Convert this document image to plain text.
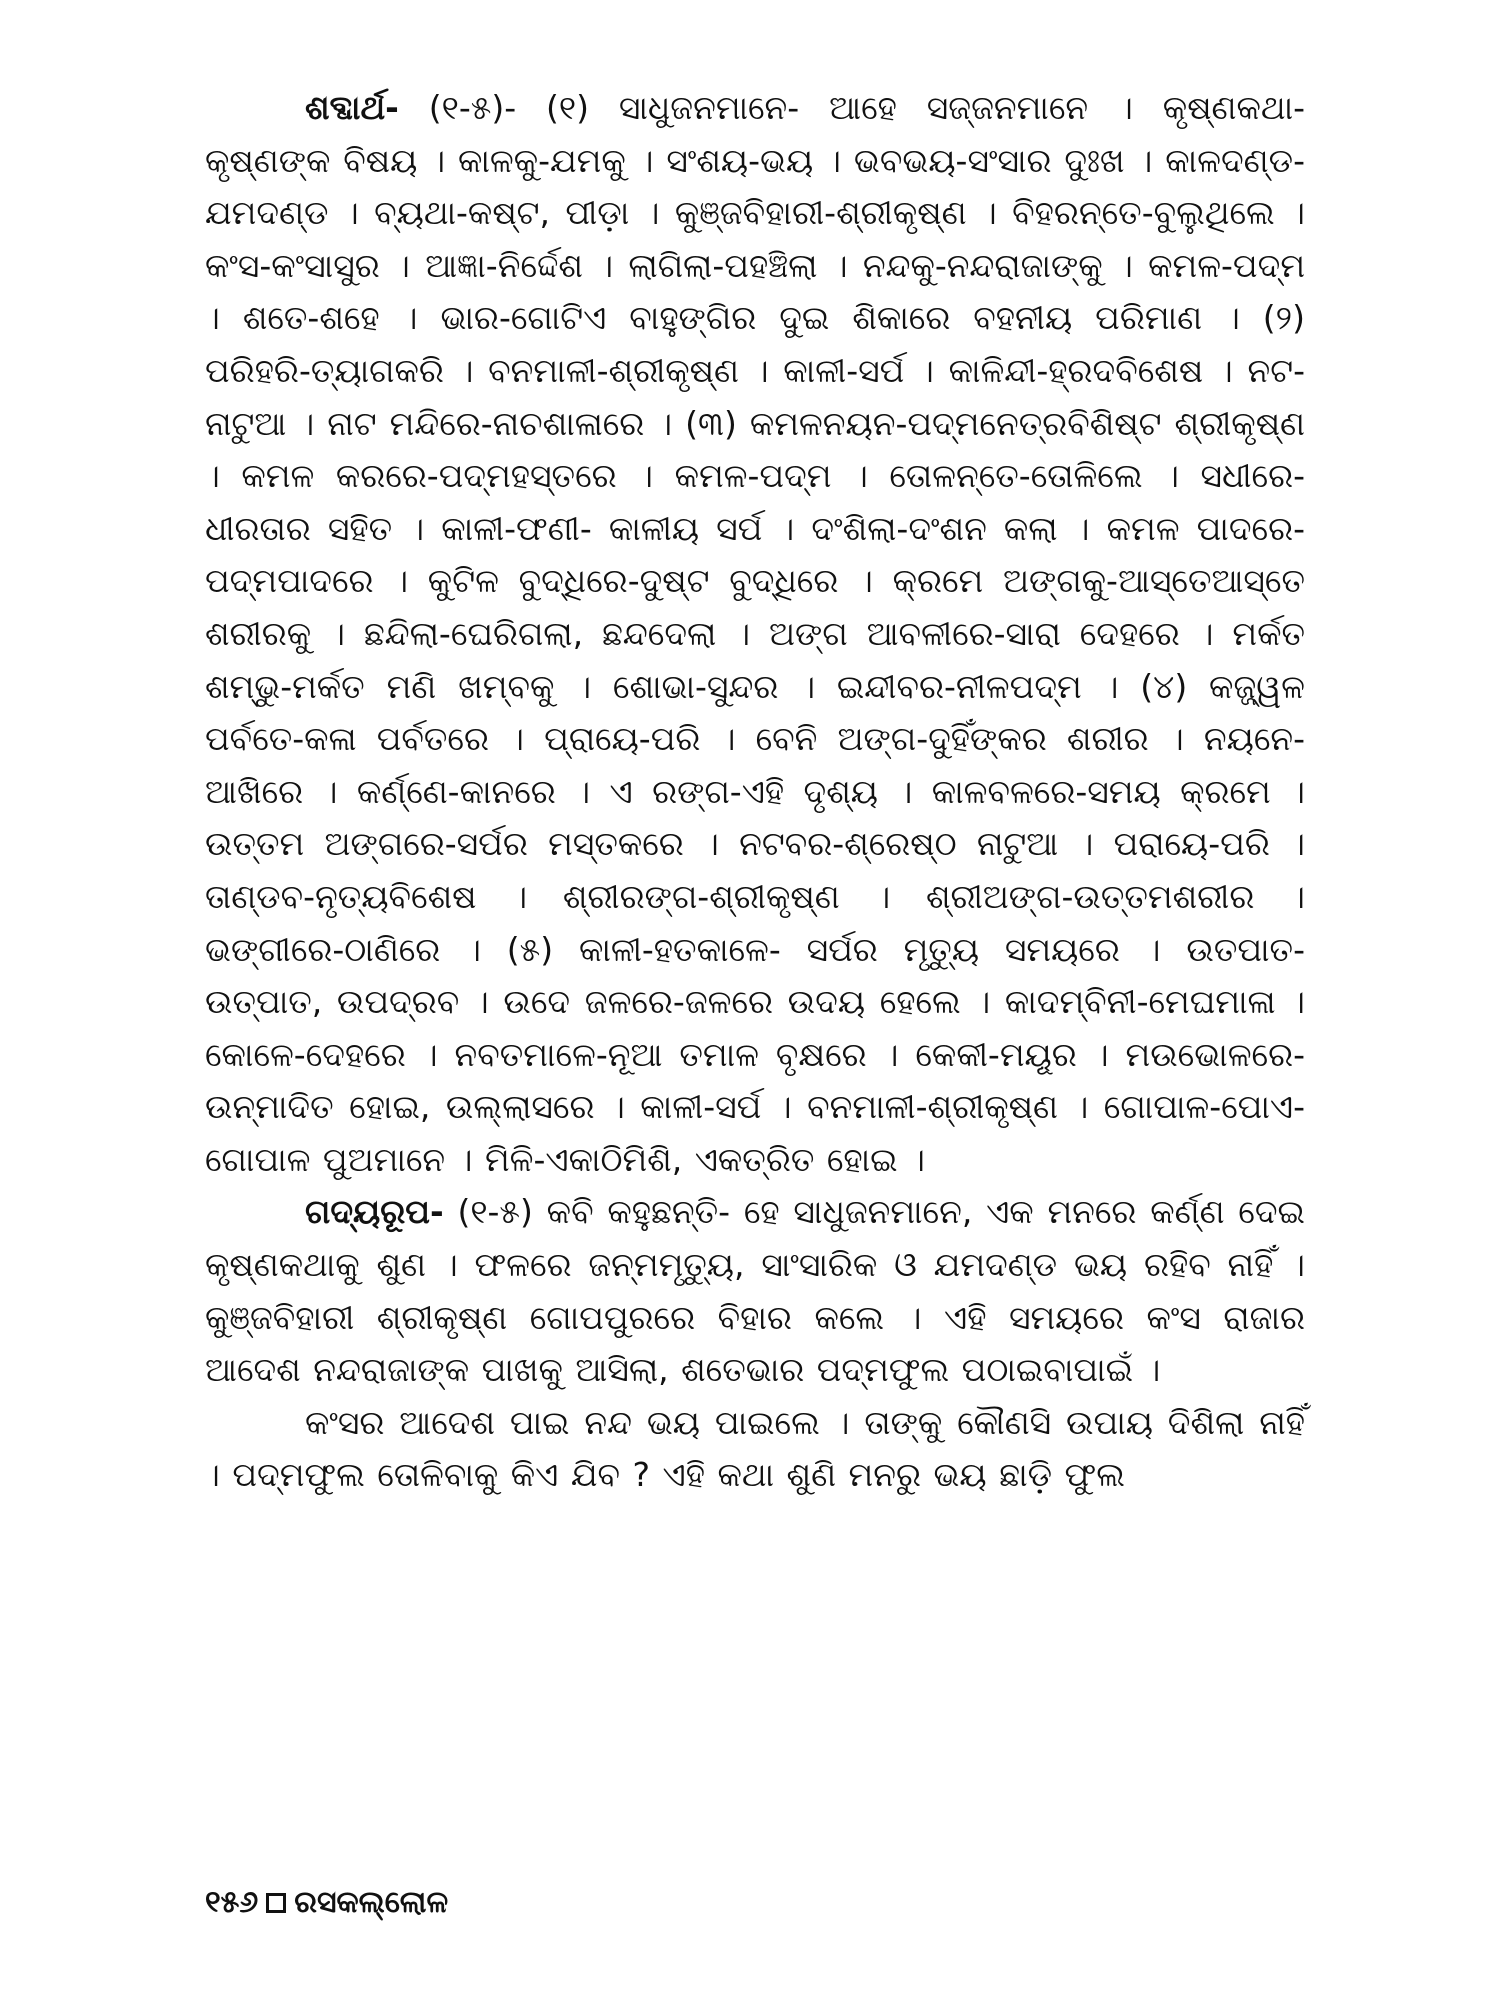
ଶବ୍ଦାର୍ଥ- (୧-୫)- (୧) ସାଧୁଜନମାନେ- ଆହେ ସଜ୍ଜନମାନେ । କୃଷ୍ଣକଥା-କୃଷ୍ଣଙ୍କ ବିଷୟ । କାଳକୁ-ଯମକୁ । ସଂଶୟ-ଭୟ । ଭବଭୟ-ସଂସାର ଦୁଃଖ । କାଳଦଣ୍ଡ-ଯମଦଣ୍ଡ । ବ୍ୟଥା-କଷ୍ଟ, ପୀଡ଼ା । କୁଞ୍ଜବିହାରୀ-ଶ୍ରୀକୃଷ୍ଣ । ବିହରନ୍ତେ-ବୁଲୁଥିଲେ । କଂସ-କଂସାସୁର । ଆଜ୍ଞା-ନିର୍ଦ୍ଦେଶ । ଲାଗିଲା-ପହଞ୍ଚିଲା । ନନ୍ଦକୁ-ନନ୍ଦରାଜାଙ୍କୁ । କମଳ-ପଦ୍ମ । ଶତେ-ଶହେ । ଭାର-ଗୋଟିଏ ବାହୁଙ୍ଗିର ଦୁଇ ଶିକାରେ ବହନୀୟ ପରିମାଣ । (୨) ପରିହରି-ତ୍ୟାଗକରି । ବନମାଳୀ-ଶ୍ରୀକୃଷ୍ଣ । କାଳୀ-ସର୍ପ । କାଳିନ୍ଦୀ-ହ୍ରଦବିଶେଷ । ନଟ-ନାଟୁଆ । ନାଟ ମନ୍ଦିରେ-ନାଚଶାଳାରେ । (୩) କମଳନୟନ-ପଦ୍ମନେତ୍ରବିଶିଷ୍ଟ ଶ୍ରୀକୃଷ୍ଣ । କମଳ କରରେ-ପଦ୍ମହସ୍ତରେ । କମଳ-ପଦ୍ମ । ତୋଳନ୍ତେ-ତୋଳିଲେ । ସଧୀରେ-ଧୀରତାର ସହିତ । କାଳୀ-ଫଣୀ- କାଳୀୟ ସର୍ପ । ଦଂଶିଲା-ଦଂଶନ କଲା । କମଳ ପାଦରେ-ପଦ୍ମପାଦରେ । କୁଟିଳ ବୁଦ୍ଧିରେ-ଦୁଷ୍ଟ ବୁଦ୍ଧିରେ । କ୍ରମେ ଅଙ୍ଗକୁ-ଆସ୍ତେଆସ୍ତେ ଶରୀରକୁ । ଛନ୍ଦିଲା-ଘେରିଗଲା, ଛନ୍ଦଦେଲା । ଅଙ୍ଗ ଆବଳୀରେ-ସାରା ଦେହରେ । ମର୍କତ ଶମ୍ଭୁ-ମର୍କତ ମଣି ଖମ୍ବକୁ । ଶୋଭା-ସୁନ୍ଦର । ଇନ୍ଦୀବର-ନୀଳପଦ୍ମ । (୪) କଜ୍ଜ୍ୱଳ ପର୍ବତେ-କଳା ପର୍ବତରେ । ପ୍ରାୟେ-ପରି । ବେନି ଅଙ୍ଗ-ଦୁହିଁଙ୍କର ଶରୀର । ନୟନେ-ଆଖିରେ । କର୍ଣ୍ଣେ-କାନରେ । ଏ ରଙ୍ଗ-ଏହି ଦୃଶ୍ୟ । କାଳବଳରେ-ସମୟ କ୍ରମେ । ଉତ୍ତମ ଅଙ୍ଗରେ-ସର୍ପର ମସ୍ତକରେ । ନଟବର-ଶ୍ରେଷ୍ଠ ନାଟୁଆ । ପରାୟେ-ପରି । ତାଣ୍ଡବ-ନୃତ୍ୟବିଶେଷ । ଶ୍ରୀରଙ୍ଗ-ଶ୍ରୀକୃଷ୍ଣ । ଶ୍ରୀଅଙ୍ଗ-ଉତ୍ତମଶରୀର । ଭଙ୍ଗୀରେ-ଠାଣିରେ । (୫) କାଳୀ-ହତକାଳେ- ସର୍ପର ମୃତ୍ୟୁ ସମୟରେ । ଉତପାତ-ଉତ୍ପାତ, ଉପଦ୍ରବ । ଉଦେ ଜଳରେ-ଜଳରେ ଉଦୟ ହେଲେ । କାଦମ୍ବିନୀ-ମେଘମାଳା । କୋଳେ-ଦେହରେ । ନବତମାଳେ-ନୂଆ ତମାଳ ବୃକ୍ଷରେ । କେକୀ-ମୟୂର । ମଉଭୋଳରେ-ଉନ୍ମାଦିତ ହୋଇ, ଉଲ୍ଲାସରେ । କାଳୀ-ସର୍ପ । ବନମାଳୀ-ଶ୍ରୀକୃଷ୍ଣ । ଗୋପାଳ-ପୋଏ- ଗୋପାଳ ପୁଅମାନେ । ମିଳି-ଏକାଠିମିଶି, ଏକତ୍ରିତ ହୋଇ ।

ଗଦ୍ୟରୂପ- (୧-୫) କବି କହୁଛନ୍ତି- ହେ ସାଧୁଜନମାନେ, ଏକ ମନରେ କର୍ଣ୍ଣ ଦେଇ କୃଷ୍ଣକଥାକୁ ଶୁଣ । ଫଳରେ ଜନ୍ମମୃତ୍ୟୁ, ସାଂସାରିକ ଓ ଯମଦଣ୍ଡ ଭୟ ରହିବ ନାହିଁ । କୁଞ୍ଜବିହାରୀ ଶ୍ରୀକୃଷ୍ଣ ଗୋପପୁରରେ ବିହାର କଲେ । ଏହି ସମୟରେ କଂସ ରାଜାର ଆଦେଶ ନନ୍ଦରାଜାଙ୍କ ପାଖକୁ ଆସିଲା, ଶତେଭାର ପଦ୍ମଫୁଲ ପଠାଇବାପାଇଁ ।

କଂସର ଆଦେଶ ପାଇ ନନ୍ଦ ଭୟ ପାଇଲେ । ତାଙ୍କୁ କୌଣସି ଉପାୟ ଦିଶିଲା ନାହିଁ । ପଦ୍ମଫୁଲ ତୋଳିବାକୁ କିଏ ଯିବ ? ଏହି କଥା ଶୁଣି ମନରୁ ଭୟ ଛାଡ଼ି ଫୁଲ

୧୫୬ ରସକଲ୍ଲୋଳ
